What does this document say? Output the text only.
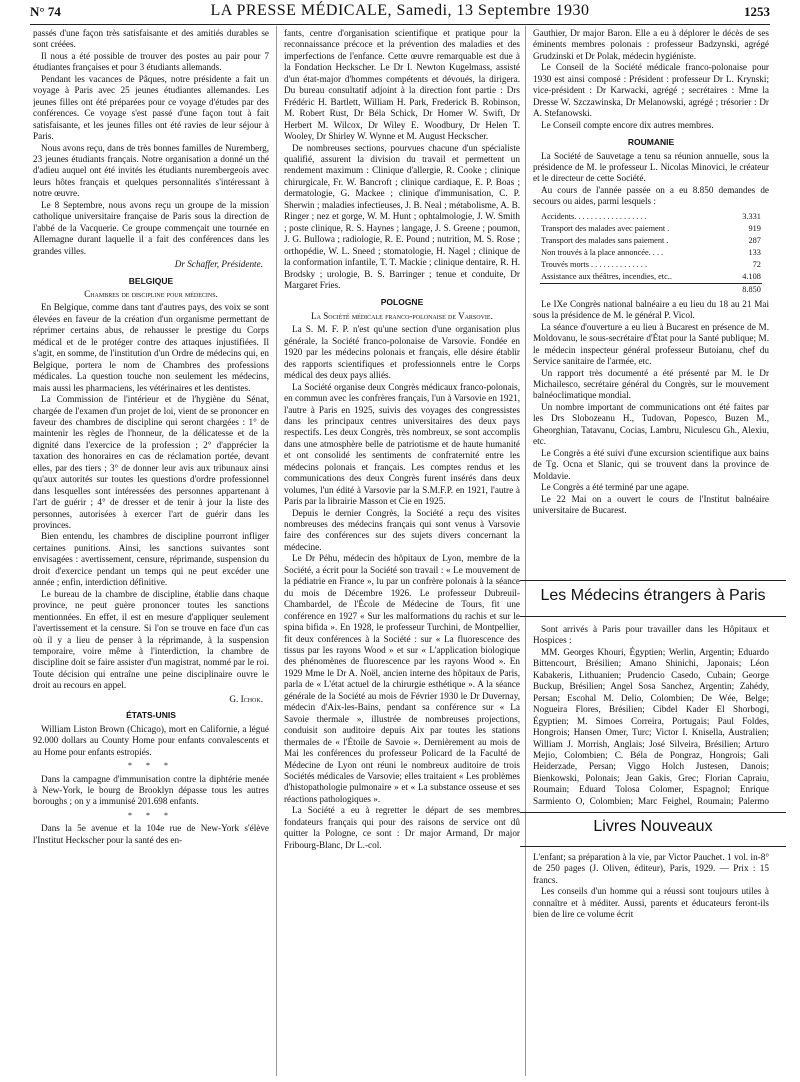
N° 74	LA PRESSE MÉDICALE, Samedi, 13 Septembre 1930	1253

passés d'une façon très satisfaisante et des amitiés durables se sont créées.

Il nous a été possible de trouver des postes au pair pour 7 étudiantes françaises et pour 3 étudiants allemands.

Pendant les vacances de Pâques, notre présidente a fait un voyage à Paris avec 25 jeunes étudiantes allemandes. Les jeunes filles ont été préparées pour ce voyage d'études par des conférences. Ce voyage s'est passé d'une façon tout à fait satisfaisante, et les jeunes filles ont été ravies de leur séjour à Paris.

Nous avons reçu, dans de très bonnes familles de Nuremberg, 23 jeunes étudiants français. Notre organisation a donné un thé d'adieu auquel ont été invités les étudiants nurembergeois avec leurs hôtes français et quelques personnalités s'intéressant à notre œuvre.

Le 8 Septembre, nous avons reçu un groupe de la mission catholique universitaire française de Paris sous la direction de l'abbé de la Vacquerie. Ce groupe commençait une tournée en Allemagne durant laquelle il a fait des conférences dans les grandes villes.

Dr Schaffer, Présidente.
BELGIQUE
Chambres de discipline pour médecins.

En Belgique, comme dans tant d'autres pays, des voix se sont élevées en faveur de la création d'un organisme permettant de réprimer certains abus, de rehausser le prestige du Corps médical et de le protéger contre des attaques injustifiées. Il s'agit, en somme, de l'institution d'un Ordre de médecins qui, en Belgique, portera le nom de Chambres des professions médicales. La question touche non seulement les médecins, mais aussi les pharmaciens, les vétérinaires et les dentistes.

La Commission de l'intérieur et de l'hygiène du Sénat, chargée de l'examen d'un projet de loi, vient de se prononcer en faveur des chambres de discipline qui seront chargées : 1° de maintenir les règles de l'honneur, de la délicatesse et de la dignité dans l'exercice de la profession ; 2° d'apprécier la taxation des honoraires en cas de réclamation portée, devant elles, par des tiers ; 3° de donner leur avis aux tribunaux ainsi qu'aux autorités sur toutes les questions d'ordre professionnel dans lesquelles sont intéressées des personnes appartenant à l'art de guérir ; 4° de dresser et de tenir à jour la liste des personnes, autorisées à exercer l'art de guérir dans les provinces.

Bien entendu, les chambres de discipline pourront infliger certaines punitions. Ainsi, les sanctions suivantes sont envisagées : avertissement, censure, réprimande, suspension du droit d'exercice pendant un temps qui ne peut excéder une année ; enfin, interdiction définitive.

Le bureau de la chambre de discipline, établie dans chaque province, ne peut guère prononcer toutes les sanctions mentionnées. En effet, il est en mesure d'appliquer seulement l'avertissement et la censure. Si l'on se trouve en face d'un cas où il y a lieu de penser à la réprimande, à la suspension temporaire, voire même à l'interdiction, la chambre de discipline doit se faire assister d'un magistrat, nommé par le roi. Toute décision qui entraîne une peine disciplinaire ouvre le droit au recours en appel.

G. Ichok.
ÉTATS-UNIS

William Liston Brown (Chicago), mort en Californie, a légué 92.000 dollars au County Home pour enfants convalescents et au Home pour enfants estropiés.

* * *

Dans la campagne d'immunisation contre la diphtérie menée à New-York, le bourg de Brooklyn dépasse tous les autres boroughs ; on y a immunisé 201.698 enfants.

* * *

Dans la 5e avenue et la 104e rue de New-York s'élève l'Institut Heckscher pour la santé des en-

fants, centre d'organisation scientifique et pratique pour la reconnaissance précoce et la prévention des maladies et des imperfections de l'enfance. Cette œuvre remarquable est due à la Fondation Heckscher. Le Dr I. Newton Kugelmass, assisté d'un état-major d'hommes compétents et dévoués, la dirigera. Du bureau consultatif adjoint à la direction font partie : Drs Frédéric H. Bartlett, William H. Park, Frederick B. Robinson, M. Robert Rust, Dr Béla Schick, Dr Homer W. Swift, Dr Herbert M. Wilcox, Dr Wiley E. Woodbury, Dr Helen T. Wooley, Dr Shirley W. Wynne et M. August Heckscher.

De nombreuses sections, pourvues chacune d'un spécialiste qualifié, assurent la division du travail et permettent un rendement maximum : Clinique d'allergie, R. Cooke ; clinique chirurgicale, Fr. W. Bancroft ; clinique cardiaque, E. P. Boas ; dermatologie, G. Mackee ; clinique d'immunisation, C. P. Sherwin ; maladies infectieuses, J. B. Neal ; métabolisme, A. B. Ringer ; nez et gorge, W. M. Hunt ; ophtalmologie, J. W. Smith ; poste clinique, R. S. Haynes ; langage, J. S. Greene ; poumon, J. G. Bullowa ; radiologie, R. E. Pound ; nutrition, M. S. Rose ; orthopédie, W. L. Sneed ; stomatologie, H. Nagel ; clinique de la conformation infantile, T. T. Mackie ; clinique dentaire, R. H. Brodsky ; urologie, B. S. Barringer ; tenue et conduite, Dr Margaret Fries.

POLOGNE
La Société médicale franco-polonaise de Varsovie.

La S. M. F. P. n'est qu'une section d'une organisation plus générale, la Société franco-polonaise de Varsovie. Fondée en 1920 par les médecins polonais et français, elle désire établir des rapports scientifiques et professionnels entre le Corps médical des deux pays alliés.

La Société organise deux Congrès médicaux franco-polonais, en commun avec les confrères français, l'un à Varsovie en 1921, l'autre à Paris en 1925, suivis des voyages des congressistes dans les principaux centres universitaires des deux pays respectifs. Les deux Congrès, très nombreux, se sont accomplis dans une atmosphère belle de patriotisme et de haute humanité et ont consolidé les sentiments de confraternité entre les médecins polonais et français. Les comptes rendus et les communications des deux Congrès furent insérés dans deux volumes, l'un édité à Varsovie par la S.M.F.P. en 1921, l'autre à Paris par la librairie Masson et Cie en 1925.

Depuis le dernier Congrès, la Société a reçu des visites nombreuses des médecins français qui sont venus à Varsovie faire des conférences sur des sujets divers concernant la médecine.

Le Dr Péhu, médecin des hôpitaux de Lyon, membre de la Société, a écrit pour la Société son travail : « Le mouvement de la pédiatrie en France », lu par un confrère polonais à la séance du mois de Décembre 1926. Le professeur Dubreuil-Chambardel, de l'École de Médecine de Tours, fit une conférence en 1927 « Sur les malformations du rachis et sur le spina bifida ». En 1928, le professeur Turchini, de Montpellier, fit deux conférences à la Société : sur « La fluorescence des tissus par les rayons Wood » et sur « L'application biologique des phénomènes de fluorescence par les rayons Wood ». En 1929 Mme le Dr A. Noël, ancien interne des hôpitaux de Paris, parla de « L'état actuel de la chirurgie esthétique ». A la séance générale de la Société au mois de Février 1930 le Dr Duvernay, médecin d'Aix-les-Bains, pendant sa conférence sur « La Savoie thermale », illustrée de nombreuses projections, conduisit son auditoire depuis Aix par toutes les stations thermales de « l'Étoile de Savoie ». Dernièrement au mois de Mai les conférences du professeur Policard de la Faculté de Médecine de Lyon ont réuni le nombreux auditoire de trois Sociétés médicales de Varsovie; elles traitaient « Les problèmes d'histopathologie pulmonaire » et « La substance osseuse et ses réactions pathologiques ».

La Société a eu à regretter le départ de ses membres fondateurs français qui pour des raisons de service ont dû quitter la Pologne, ce sont : Dr major Armand, Dr major Fribourg-Blanc, Dr L.-col.

Gauthier, Dr major Baron. Elle a eu à déplorer le décès de ses éminents membres polonais : professeur Badzynski, agrégé Grudzinski et Dr Polak, médecin hygiéniste.

Le Conseil de la Société médicale franco-polonaise pour 1930 est ainsi composé : Président : professeur Dr L. Krynski; vice-président : Dr Karwacki, agrégé ; secrétaires : Mme la Dresse W. Szczawinska, Dr Melanowski, agrégé ; trésorier : Dr A. Stefanowski.

Le Conseil compte encore dix autres membres.

ROUMANIE

La Société de Sauvetage a tenu sa réunion annuelle, sous la présidence de M. le professeur L. Nicolas Minovici, le créateur et le directeur de cette Société.

Au cours de l'année passée on a eu 8.850 demandes de secours ou aides, parmi lesquels :

Accidents. . . . . . . . . . . . . . . . . .	3.331
Transport des malades avec paiement .	919
Transport des malades sans paiement .	287
Non trouvés à la place annoncée. . . .	133
Trouvés morts . . . . . . . . . . . . . .	72
Assistance aux théâtres, incendies, etc..	4.108
	8.850

Le IXe Congrès national balnéaire a eu lieu du 18 au 21 Mai sous la présidence de M. le général P. Vicol.

La séance d'ouverture a eu lieu à Bucarest en présence de M. Moldovanu, le sous-secrétaire d'État pour la Santé publique; M. le médecin inspecteur général professeur Butoianu, chef du Service sanitaire de l'armée, etc.

Un rapport très documenté a été présenté par M. le Dr Michailesco, secrétaire général du Congrès, sur le mouvement balnéoclimatique mondial.

Un nombre important de communications ont été faites par les Drs Slobozeanu H., Tudovan, Popesco, Buzen M., Gheorghian, Tatavanu, Cocias, Lambru, Niculescu Gh., Alexiu, etc.

Le Congrès a été suivi d'une excursion scientifique aux bains de Tg. Ocna et Slanic, qui se trouvent dans la province de Moldavie.

Le Congrès a été terminé par une agape.

Le 22 Mai on a ouvert le cours de l'Institut balnéaire universitaire de Bucarest.

Les Médecins étrangers à Paris

Sont arrivés à Paris pour travailler dans les Hôpitaux et Hospices :

MM. Georges Khouri, Égyptien; Werlin, Argentin; Eduardo Bittencourt, Brésilien; Amano Shinichi, Japonais; Léon Kabakeris, Lithuanien; Prudencio Casedo, Cubain; George Buckup, Brésilien; Angel Sosa Sanchez, Argentin; Zahédy, Persan; Escohal M. Delio, Colombien; De Wée, Belge; Nogueira Flores, Brésilien; Cibdel Kader El Shorbogi, Égyptien; M. Simoes Correira, Portugais; Paul Foldes, Hongrois; Hansen Omer, Turc; Victor I. Knisella, Australien; William J. Morrish, Anglais; José Silveira, Brésilien; Arturo Mejio, Colombien; C. Béla de Pongraz, Hongrois; Gali Heiderzade, Persan; Viggo Holch Justesen, Danois; Bienkowski, Polonais; Jean Gakis, Grec; Florian Capraiu, Roumain; Eduard Tolosa Colomer, Espagnol; Enrique Sarmiento O, Colombien; Marc Feighel, Roumain; Palermo

Livres Nouveaux

L'enfant; sa préparation à la vie, par Victor Pauchet. 1 vol. in-8° de 250 pages (J. Oliven, éditeur), Paris, 1929. — Prix : 15 francs.

Les conseils d'un homme qui a réussi sont toujours utiles à connaître et à méditer. Aussi, parents et éducateurs feront-ils bien de lire ce volume écrit
